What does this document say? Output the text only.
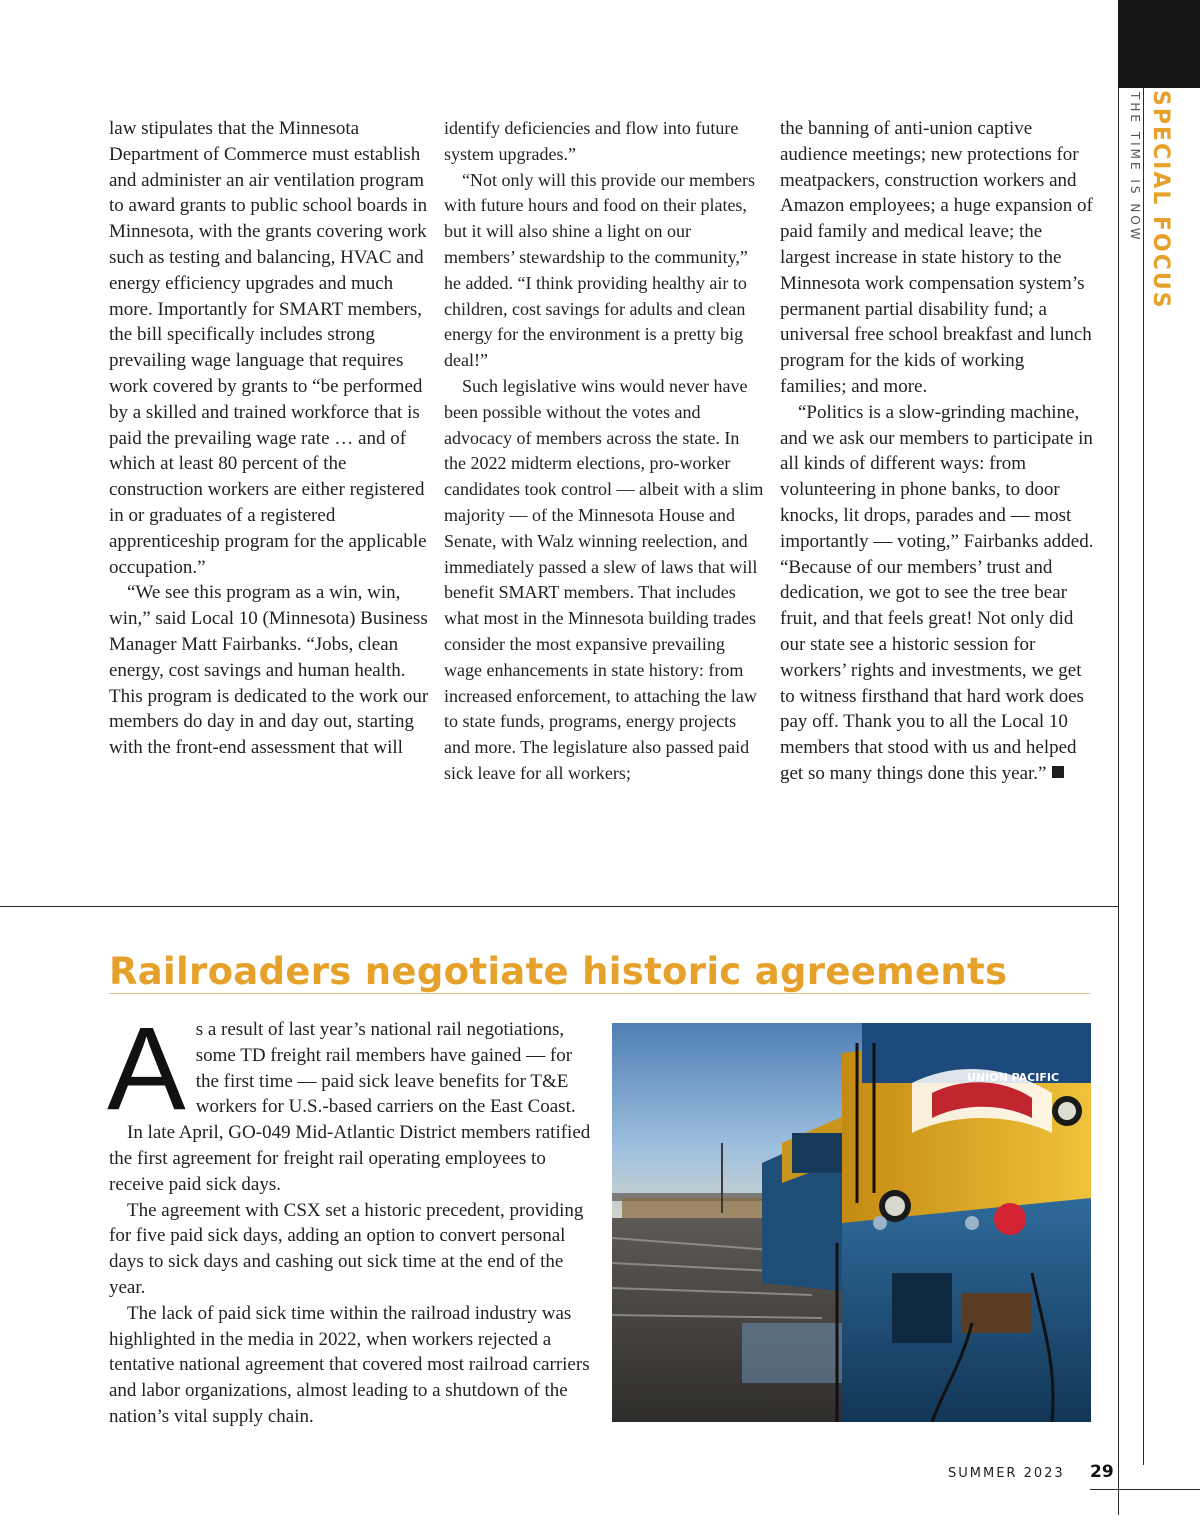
SPECIAL FOCUS
THE TIME IS NOW

law stipulates that the Minnesota Department of Commerce must establish and administer an air ventilation program to award grants to public school boards in Minnesota, with the grants covering work such as testing and balancing, HVAC and energy efficiency upgrades and much more. Importantly for SMART members, the bill specifically includes strong prevailing wage language that requires work covered by grants to “be performed by a skilled and trained workforce that is paid the prevailing wage rate … and of which at least 80 percent of the construction workers are either registered in or graduates of a registered apprenticeship program for the applicable occupation.”

“We see this program as a win, win, win,” said Local 10 (Minnesota) Business Manager Matt Fairbanks. “Jobs, clean energy, cost savings and human health. This program is dedicated to the work our members do day in and day out, starting with the front-end assessment that will

identify deficiencies and flow into future system upgrades.”

“Not only will this provide our members with future hours and food on their plates, but it will also shine a light on our members’ stewardship to the community,” he added. “I think providing healthy air to children, cost savings for adults and clean energy for the environment is a pretty big deal!”

Such legislative wins would never have been possible without the votes and advocacy of members across the state. In the 2022 midterm elections, pro-worker candidates took control — albeit with a slim majority — of the Minnesota House and Senate, with Walz winning reelection, and immediately passed a slew of laws that will benefit SMART members. That includes what most in the Minnesota building trades consider the most expansive prevailing wage enhancements in state history: from increased enforcement, to attaching the law to state funds, programs, energy projects and more. The legislature also passed paid sick leave for all workers;

the banning of anti-union captive audience meetings; new protections for meatpackers, construction workers and Amazon employees; a huge expansion of paid family and medical leave; the largest increase in state history to the Minnesota work compensation system’s permanent partial disability fund; a universal free school breakfast and lunch program for the kids of working families; and more.

“Politics is a slow-grinding machine, and we ask our members to participate in all kinds of different ways: from volunteering in phone banks, to door knocks, lit drops, parades and — most importantly — voting,” Fairbanks added. “Because of our members’ trust and dedication, we got to see the tree bear fruit, and that feels great! Not only did our state see a historic session for workers’ rights and investments, we get to witness firsthand that hard work does pay off. Thank you to all the Local 10 members that stood with us and helped get so many things done this year.”

Railroaders negotiate historic agreements

As a result of last year’s national rail negotiations, some TD freight rail members have gained — for the first time — paid sick leave benefits for T&E workers for U.S.-based carriers on the East Coast.

In late April, GO-049 Mid-Atlantic District members ratified the first agreement for freight rail operating employees to receive paid sick days.

The agreement with CSX set a historic precedent, providing for five paid sick days, adding an option to convert personal days to sick days and cashing out sick time at the end of the year.

The lack of paid sick time within the railroad industry was highlighted in the media in 2022, when workers rejected a tentative national agreement that covered most railroad carriers and labor organizations, almost leading to a shutdown of the nation’s vital supply chain.

UNION PACIFIC
SUMMER 2023 29
